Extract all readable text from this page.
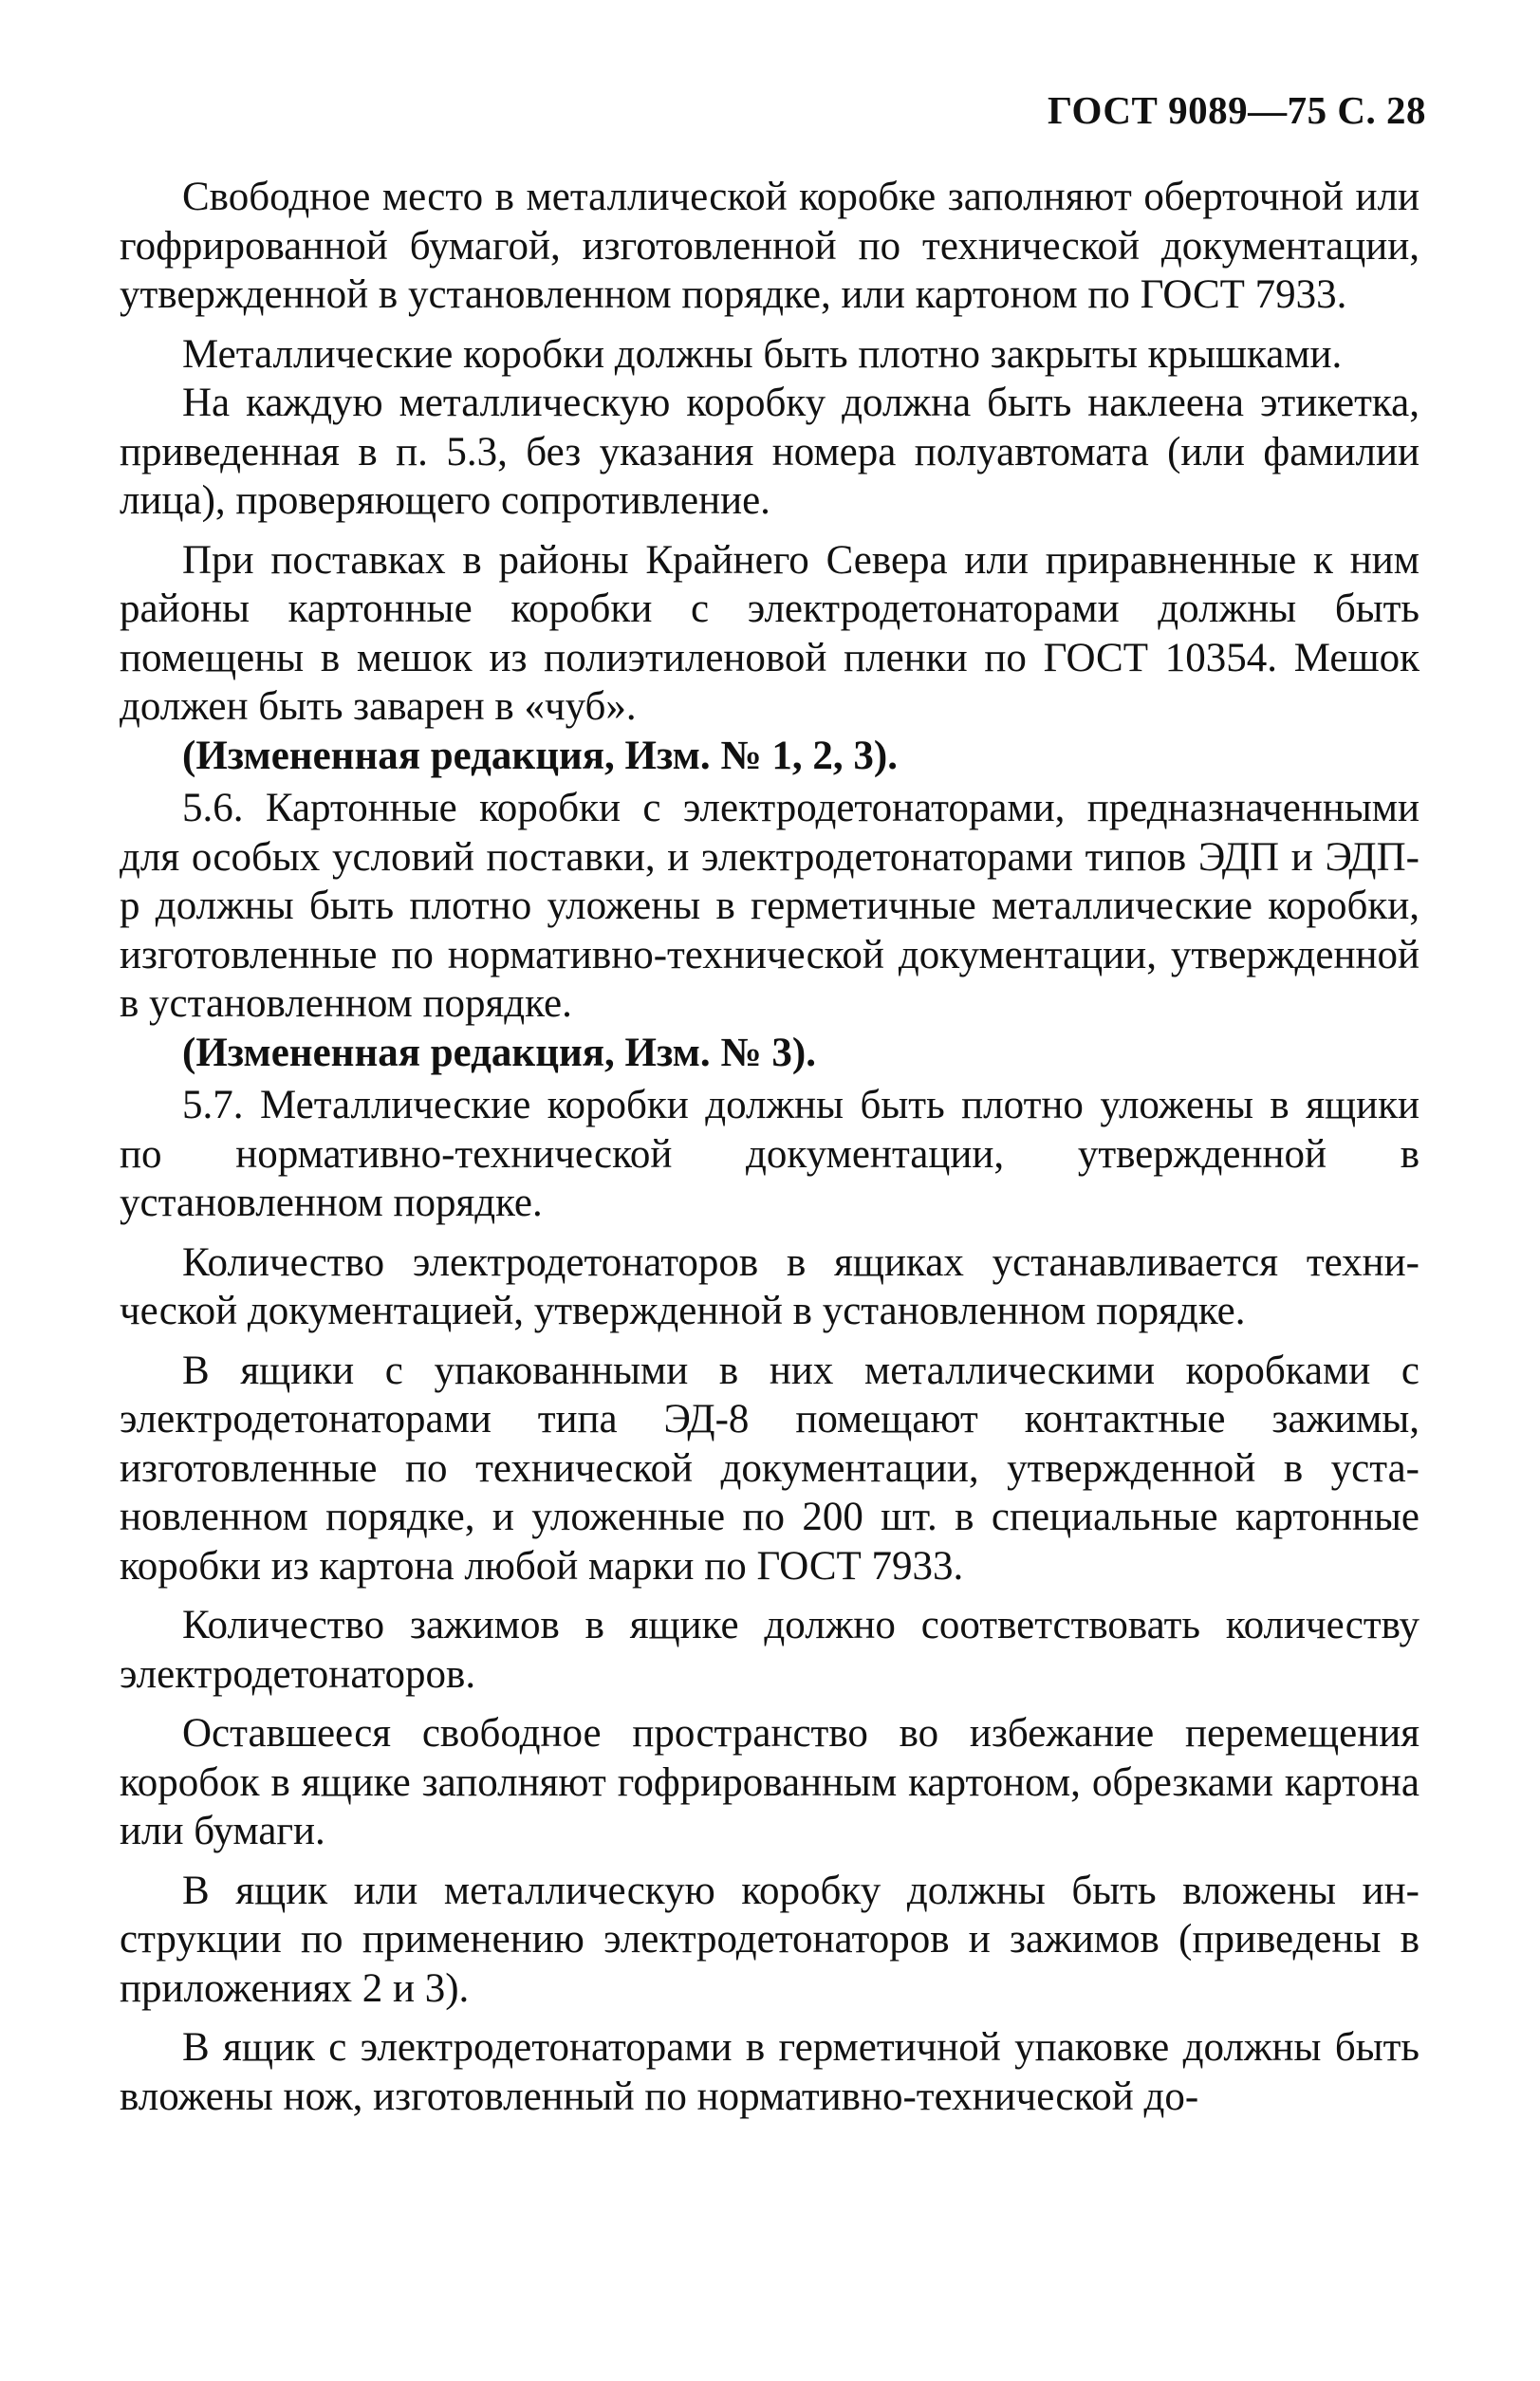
ГОСТ 9089—75 С. 28

Свободное место в металлической коробке заполняют оберточной или гофрированной бумагой, изготовленной по технической документации, утвержденной в установленном порядке, или картоном по ГОСТ 7933.

Металлические коробки должны быть плотно закрыты крышками.

На каждую металлическую коробку должна быть наклеена этикетка, приведенная в п. 5.3, без указания номера полуавтомата (или фамилии лица), проверяющего сопротивление.

При поставках в районы Крайнего Севера или приравненные к ним районы картонные коробки с электродетонаторами должны быть помещены в мешок из полиэтиленовой пленки по ГОСТ 10354. Мешок должен быть заварен в «чуб».

(Измененная редакция, Изм. № 1, 2, 3).

5.6. Картонные коробки с электродетонаторами, предназначенными для особых условий поставки, и электродетонаторами типов ЭДП и ЭДП-р должны быть плотно уложены в герметичные металлические коробки, изготовленные по нормативно-технической документации, утвержденной в установленном порядке.

(Измененная редакция, Изм. № 3).

5.7. Металлические коробки должны быть плотно уложены в ящики по нормативно-технической документации, утвержденной в установленном порядке.

Количество электродетонаторов в ящиках устанавливается технической документацией, утвержденной в установленном порядке.

В ящики с упакованными в них металлическими коробками с электродетонаторами типа ЭД-8 помещают контактные зажимы, изготовленные по технической документации, утвержденной в установленном порядке, и уложенные по 200 шт. в специальные картонные коробки из картона любой марки по ГОСТ 7933.

Количество зажимов в ящике должно соответствовать количеству электродетонаторов.

Оставшееся свободное пространство во избежание перемещения коробок в ящике заполняют гофрированным картоном, обрезками картона или бумаги.

В ящик или металлическую коробку должны быть вложены инструкции по применению электродетонаторов и зажимов (приведены в приложениях 2 и 3).

В ящик с электродетонаторами в герметичной упаковке должны быть вложены нож, изготовленный по нормативно-технической до-
